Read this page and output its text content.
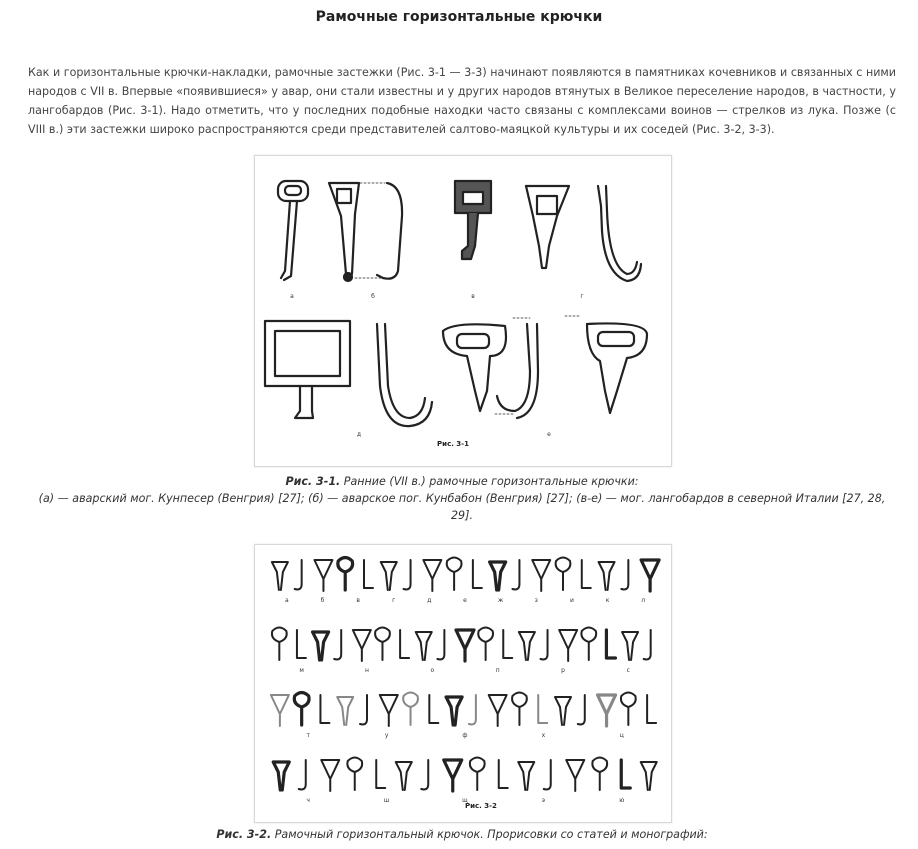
Рамочные горизонтальные крючки

Как и горизонтальные крючки-накладки, рамочные застежки (Рис. 3-1 — 3-3) начинают появляются в памятниках кочевников и связанных с ними народов с VII в. Впервые «появившиеся» у авар, они стали известны и у других народов втянутых в Великое переселение народов, в частности, у лангобардов (Рис. 3-1). Надо отметить, что у последних подобные находки часто связаны с комплексами воинов — стрелков из лука. Позже (с VIII в.) эти застежки широко распространяются среди представителей салтово-маяцкой культуры и их соседей (Рис. 3-2, 3-3).

а	б	в	г
д	е
Рис. 3-1
Рис. 3-1. Ранние (VII в.) рамочные горизонтальные крючки:
(а) — аварский мог. Кунпесер (Венгрия) [27]; (б) — аварское пог. Кунбабон (Венгрия) [27]; (в-е) — мог. лангобардов в северной Италии [27, 28, 29].
а	б	в	г	д	е	ж	з	и	к	л
м	н	о	п	р	с
т	у	ф	х	ц
ч	ш	щ	э	ю
Рис. 3-2
Рис. 3-2. Рамочный горизонтальный крючок. Прорисовки со статей и монографий:
